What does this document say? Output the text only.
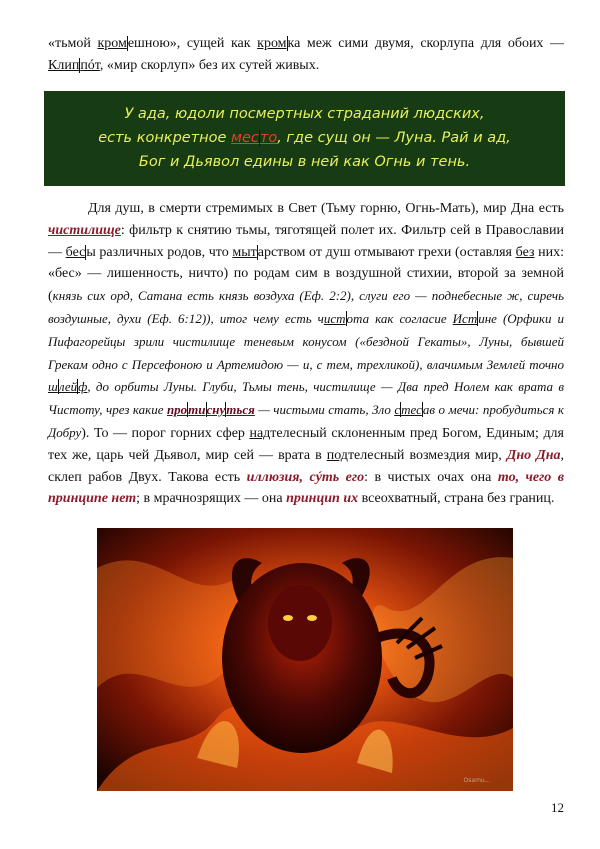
«тьмой кромешною», сущей как кромка меж сими двумя, скорлупа для обоих — Клиппóт, «мир скорлуп» без их сутей живых.

У ада, юдоли посмертных страданий людских,
есть конкретное место, где сущ он — Луна. Рай и ад,
Бог и Дьявол едины в ней как Огнь и тень.

Для душ, в смерти стремимых в Свет (Тьму горню, Огнь-Мать), мир Дна есть чистилище: фильтр к снятию тьмы, тяготящей полет их. Фильтр сей в Православии — бесы различных родов, что мытарством от душ отмывают грехи (оставляя без них: «бес» — лишенность, ничто) по родам сим в воздушной стихии, второй за земной (князь сих орд, Сатана есть князь воздуха (Еф. 2:2), слуги его — поднебесные ж, сиречь воздушные, духи (Еф. 6:12)), итог чему есть чистота как согласие Истине (Орфики и Пифагорейцы зрили чистилище теневым конусом («бездной Гекаты», Луны, бывшей Грекам одно с Персефоною и Артемидою — и, с тем, трехликой), влачимым Землей точно шлейф, до орбиты Луны. Глуби, Тьмы тень, чистилище — Два пред Нолем как врата в Чистоту, чрез какие протиснуться — чистыми стать, Зло стесав о мечи: пробудиться к Добру). То — порог горних сфер надтелесный склоненным пред Богом, Единым; для тех же, царь чей Дьявол, мир сей — врата в подтелесный возмездия мир, Дно Дна, склеп рабов Двух. Такова есть иллюзия, сýть его: в чистых очах она то, чего в принципе нет; в мрачнозрящих — она принцип их всеохватный, страна без границ.

Osamu...
12
